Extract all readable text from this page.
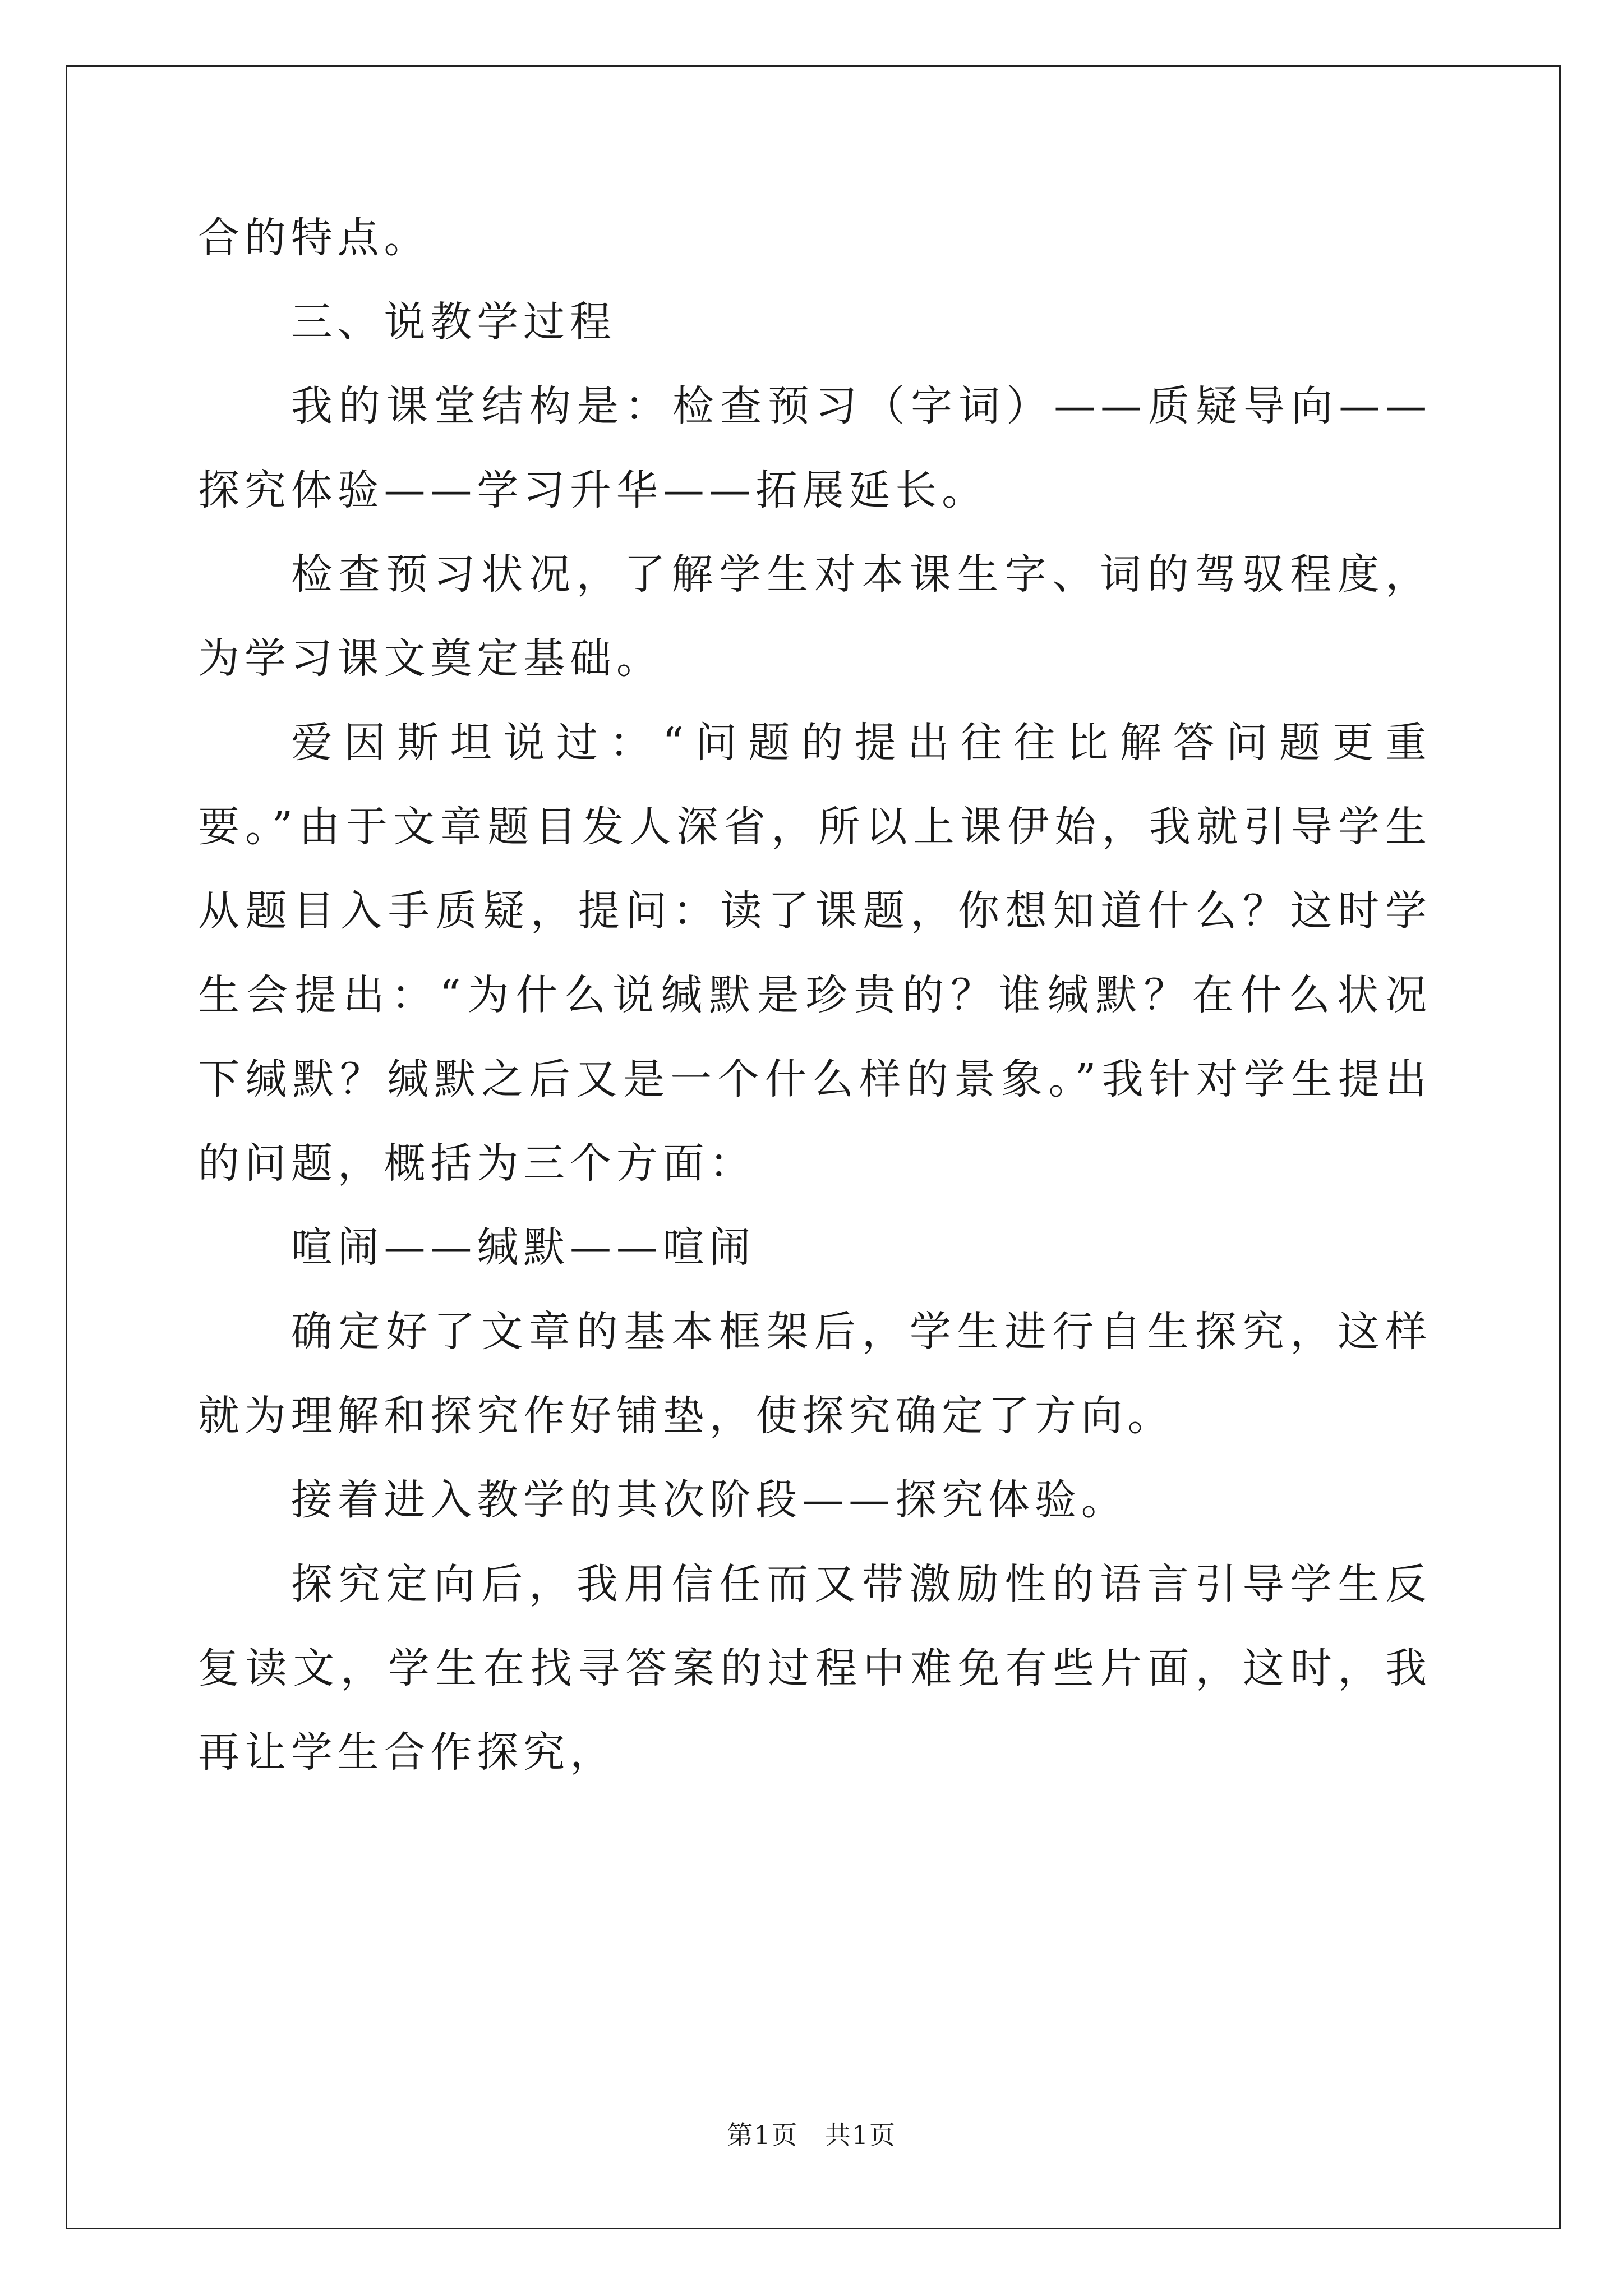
合的特点。

三、说教学过程

我的课堂结构是：检查预习（字词）——质疑导向——探究体验——学习升华——拓展延长。

检查预习状况，了解学生对本课生字、词的驾驭程度，为学习课文奠定基础。

爱因斯坦说过：“问题的提出往往比解答问题更重要。”由于文章题目发人深省，所以上课伊始，我就引导学生从题目入手质疑，提问：读了课题，你想知道什么？这时学生会提出：“为什么说缄默是珍贵的？谁缄默？在什么状况下缄默？缄默之后又是一个什么样的景象。”我针对学生提出的问题，概括为三个方面：

喧闹——缄默——喧闹

确定好了文章的基本框架后，学生进行自生探究，这样就为理解和探究作好铺垫，使探究确定了方向。

接着进入教学的其次阶段——探究体验。

探究定向后，我用信任而又带激励性的语言引导学生反复读文，学生在找寻答案的过程中难免有些片面，这时，我再让学生合作探究，

第1页　共1页
